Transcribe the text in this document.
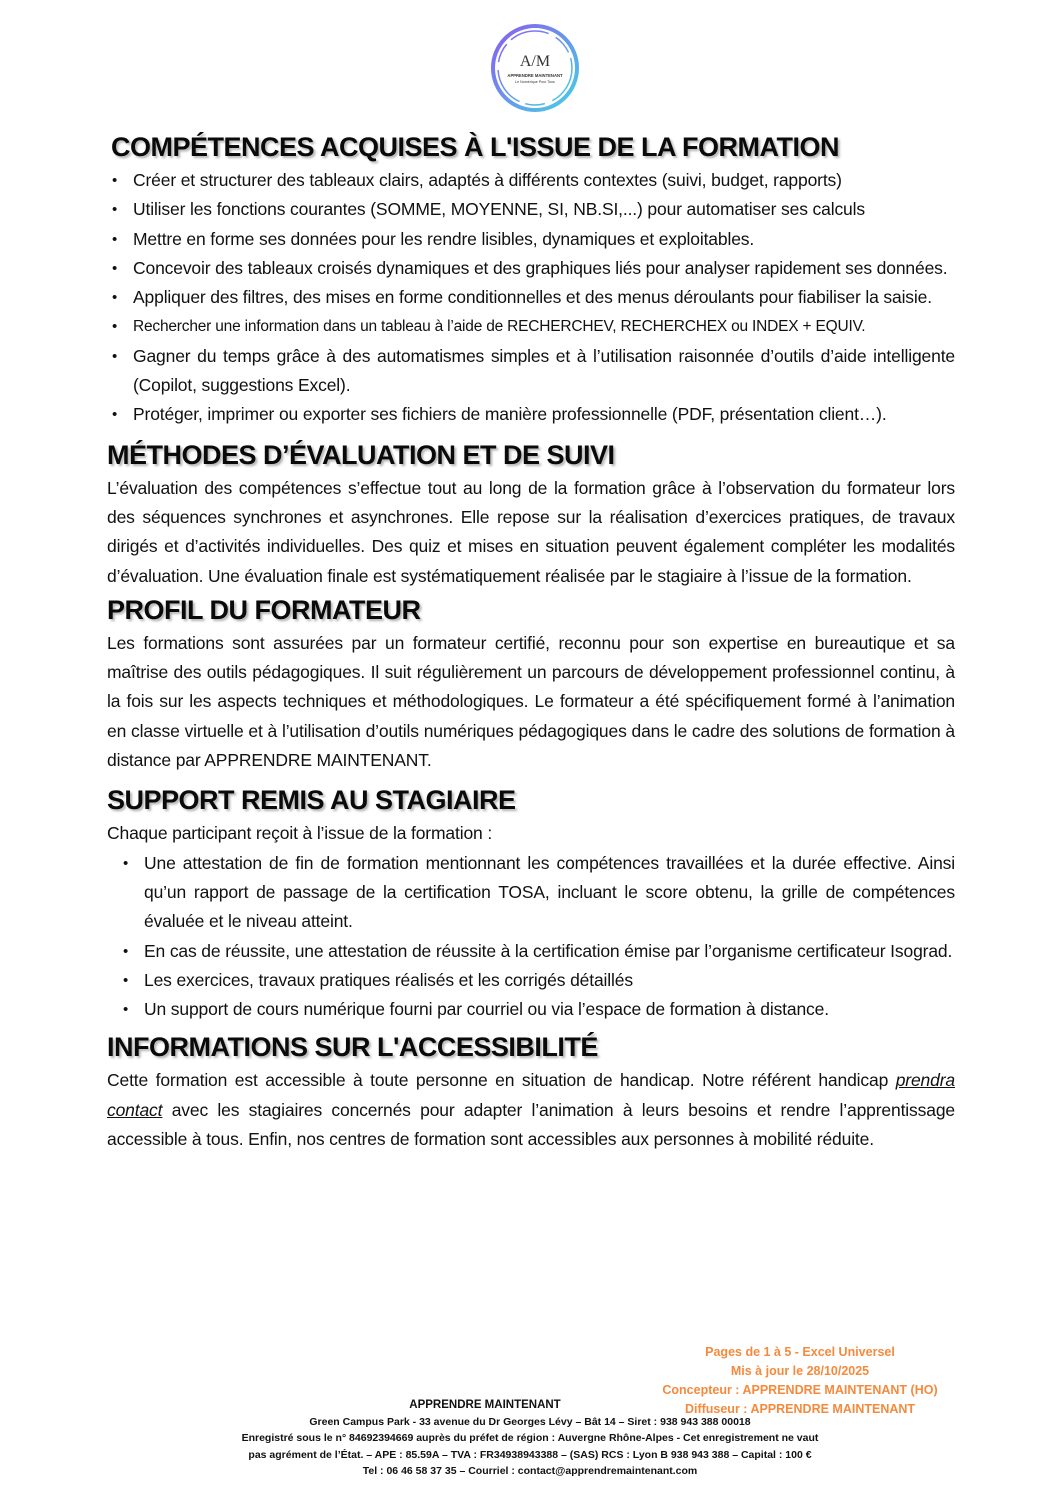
A/M
APPRENDRE MAINTENANT
Le Numérique Pour Tous
COMPÉTENCES ACQUISES À L'ISSUE DE LA FORMATION
• Créer et structurer des tableaux clairs, adaptés à différents contextes (suivi, budget, rapports)
• Utiliser les fonctions courantes (SOMME, MOYENNE, SI, NB.SI,...) pour automatiser ses calculs
• Mettre en forme ses données pour les rendre lisibles, dynamiques et exploitables.
• Concevoir des tableaux croisés dynamiques et des graphiques liés pour analyser rapidement ses données.
• Appliquer des filtres, des mises en forme conditionnelles et des menus déroulants pour fiabiliser la saisie.
• Rechercher une information dans un tableau à l’aide de RECHERCHEV, RECHERCHEX ou INDEX + EQUIV.
• Gagner du temps grâce à des automatismes simples et à l’utilisation raisonnée d’outils d’aide intelligente (Copilot, suggestions Excel).
• Protéger, imprimer ou exporter ses fichiers de manière professionnelle (PDF, présentation client…).
MÉTHODES D’ÉVALUATION ET DE SUIVI

L’évaluation des compétences s’effectue tout au long de la formation grâce à l’observation du formateur lors des séquences synchrones et asynchrones. Elle repose sur la réalisation d’exercices pratiques, de travaux dirigés et d’activités individuelles. Des quiz et mises en situation peuvent également compléter les modalités d’évaluation. Une évaluation finale est systématiquement réalisée par le stagiaire à l’issue de la formation.

PROFIL DU FORMATEUR

Les formations sont assurées par un formateur certifié, reconnu pour son expertise en bureautique et sa maîtrise des outils pédagogiques. Il suit régulièrement un parcours de développement professionnel continu, à la fois sur les aspects techniques et méthodologiques. Le formateur a été spécifiquement formé à l’animation en classe virtuelle et à l’utilisation d’outils numériques pédagogiques dans le cadre des solutions de formation à distance par APPRENDRE MAINTENANT.

SUPPORT REMIS AU STAGIAIRE

Chaque participant reçoit à l’issue de la formation :

• Une attestation de fin de formation mentionnant les compétences travaillées et la durée effective. Ainsi qu’un rapport de passage de la certification TOSA, incluant le score obtenu, la grille de compétences évaluée et le niveau atteint.
• En cas de réussite, une attestation de réussite à la certification émise par l’organisme certificateur Isograd.
• Les exercices, travaux pratiques réalisés et les corrigés détaillés
• Un support de cours numérique fourni par courriel ou via l’espace de formation à distance.
INFORMATIONS SUR L'ACCESSIBILITÉ

Cette formation est accessible à toute personne en situation de handicap. Notre référent handicap prendra contact avec les stagiaires concernés pour adapter l’animation à leurs besoins et rendre l’apprentissage accessible à tous. Enfin, nos centres de formation sont accessibles aux personnes à mobilité réduite.

Pages de 1 à 5 - Excel Universel
Mis à jour le 28/10/2025
Concepteur : APPRENDRE MAINTENANT (HO)
Diffuseur : APPRENDRE MAINTENANT
APPRENDRE MAINTENANT
Green Campus Park - 33 avenue du Dr Georges Lévy – Bât 14 – Siret : 938 943 388 00018
Enregistré sous le n° 84692394669 auprès du préfet de région : Auvergne Rhône-Alpes - Cet enregistrement ne vaut
pas agrément de l’État. – APE : 85.59A – TVA : FR34938943388 – (SAS) RCS : Lyon B 938 943 388 – Capital : 100 €
Tel : 06 46 58 37 35 – Courriel : contact@apprendremaintenant.com
